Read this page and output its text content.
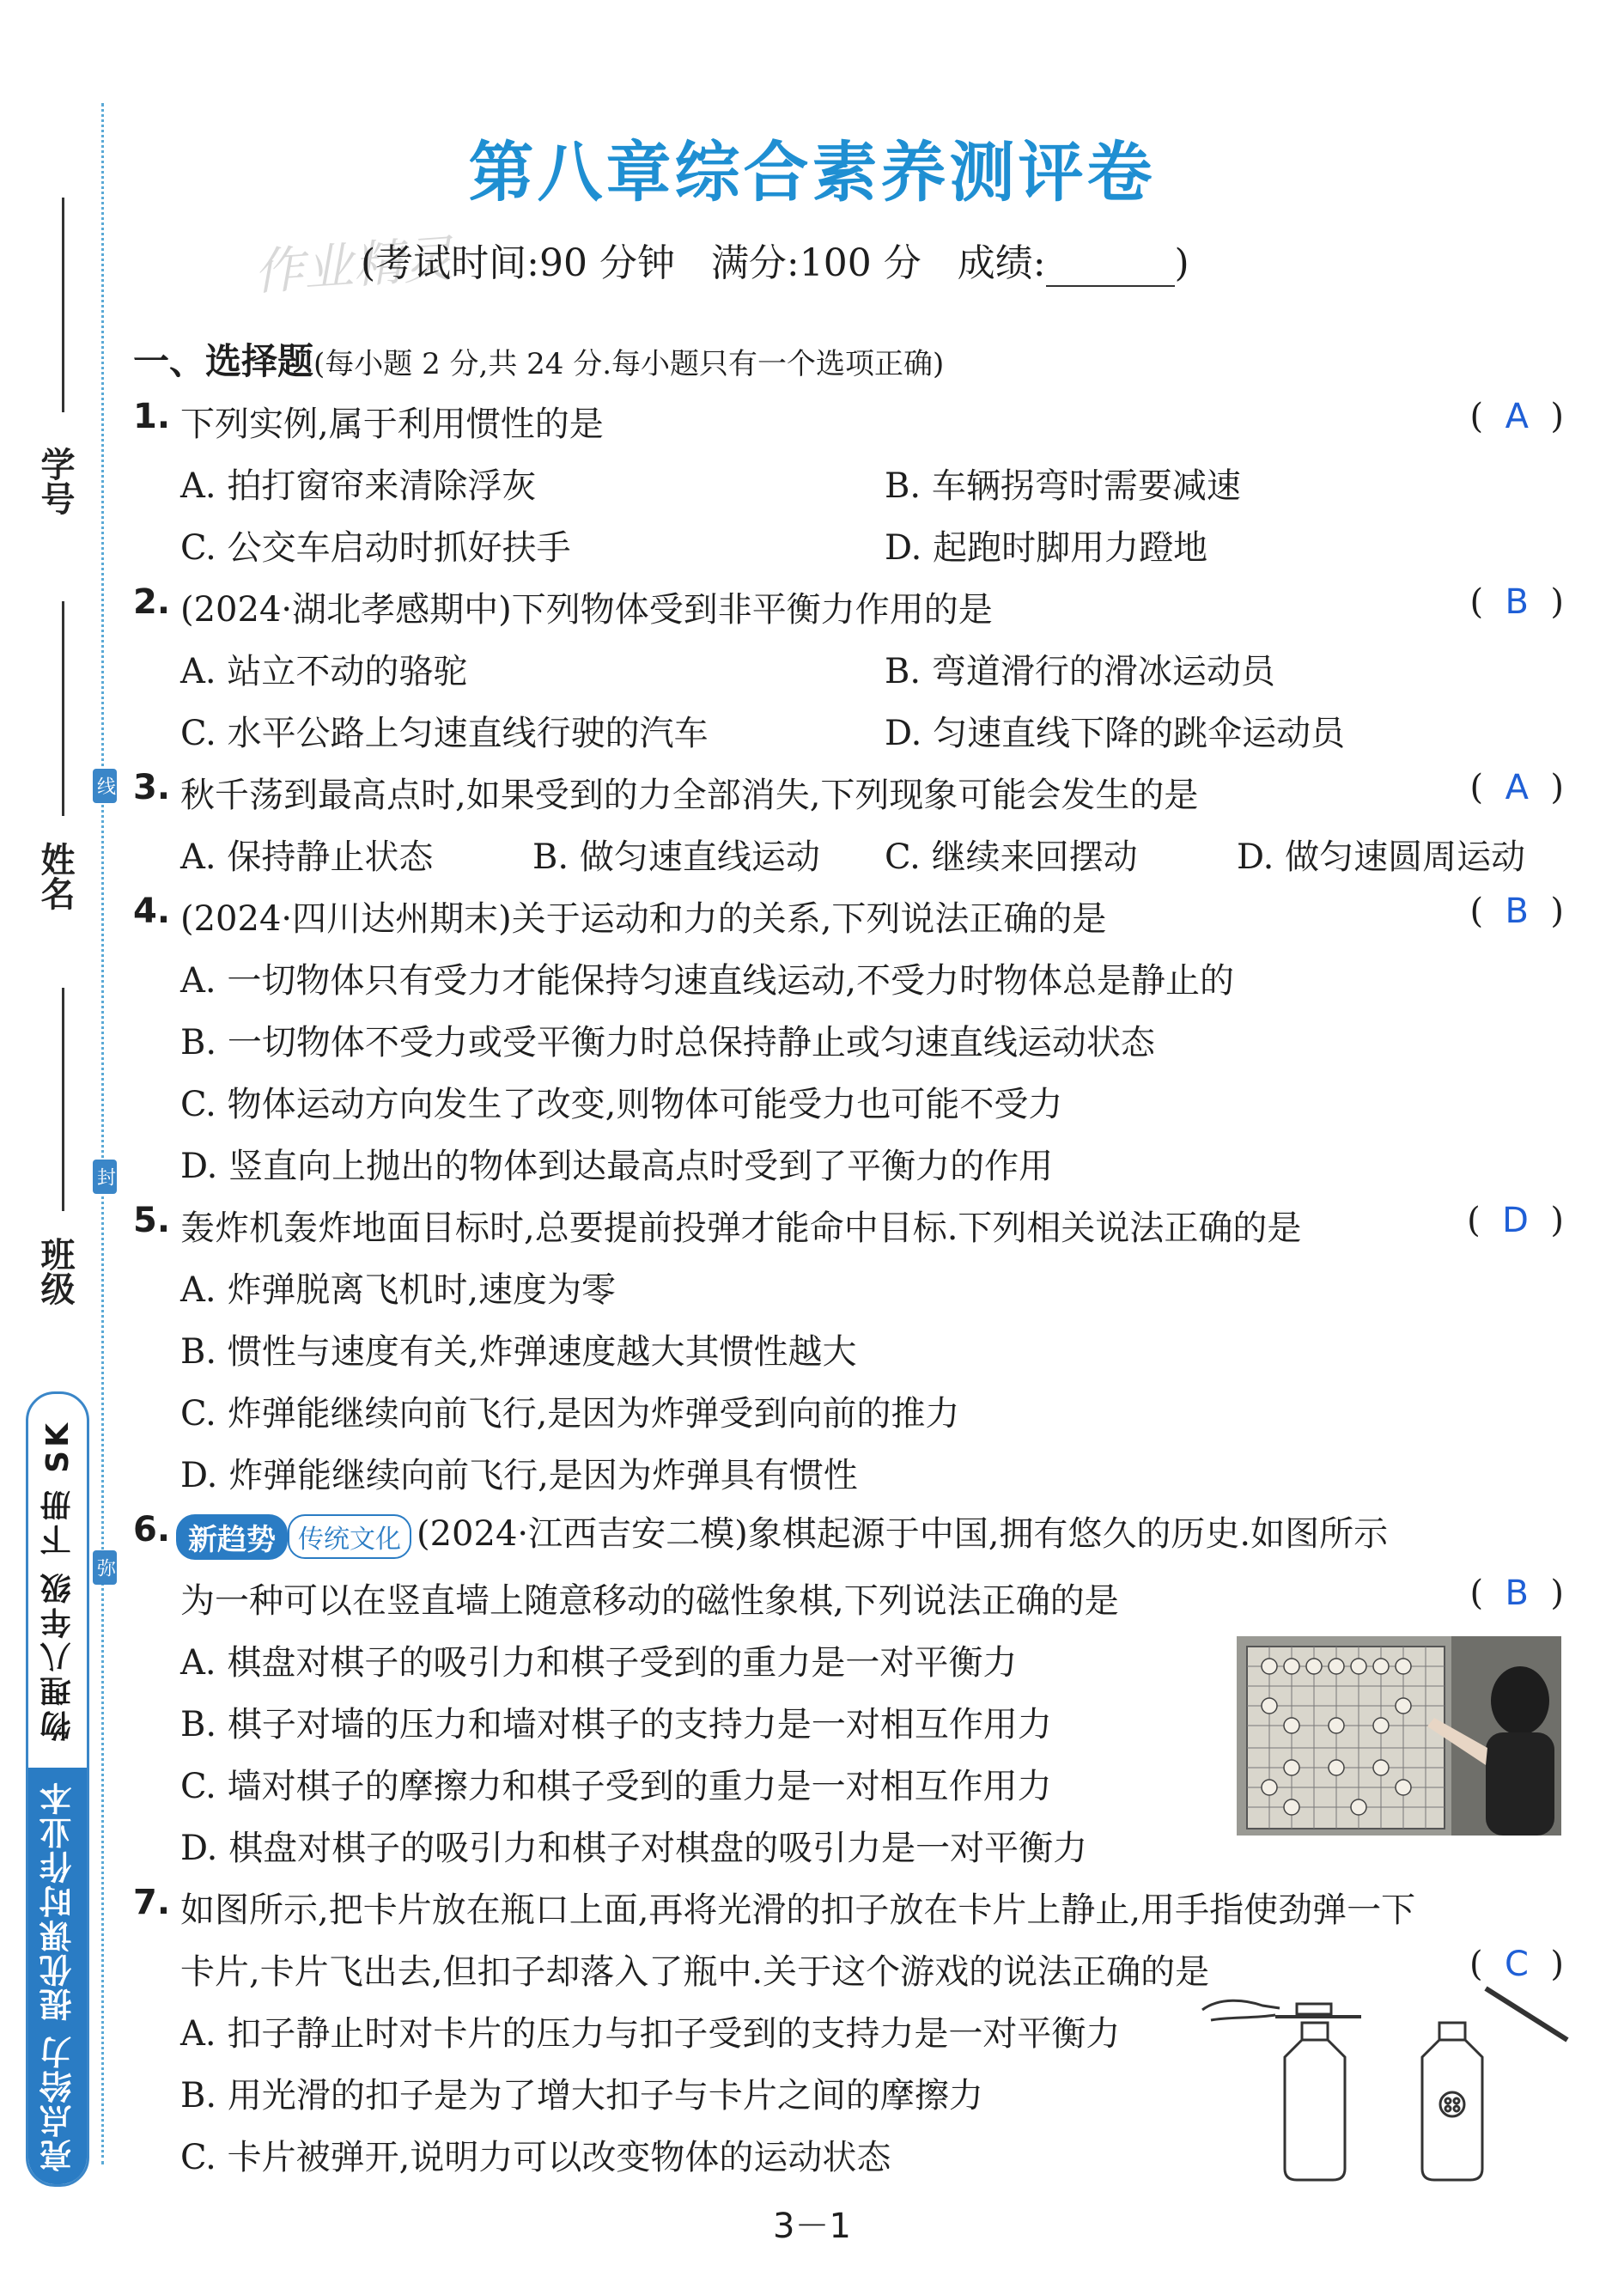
学号
姓名
班级
线
封
弥
物理八年级 下册 SK
亮点给力 提优课时作业本
第八章综合素养测评卷
作业精灵
(考试时间:90 分钟 满分:100 分 成绩:	)
一、选择题(每小题 2 分,共 24 分.每小题只有一个选项正确)
1. 下列实例,属于利用惯性的是	(  A  )
A. 拍打窗帘来清除浮灰	B. 车辆拐弯时需要减速
C. 公交车启动时抓好扶手	D. 起跑时脚用力蹬地
2. (2024·湖北孝感期中)下列物体受到非平衡力作用的是	(  B  )
A. 站立不动的骆驼	B. 弯道滑行的滑冰运动员
C. 水平公路上匀速直线行驶的汽车	D. 匀速直线下降的跳伞运动员
3. 秋千荡到最高点时,如果受到的力全部消失,下列现象可能会发生的是	(  A  )
A. 保持静止状态	B. 做匀速直线运动 C. 继续来回摆动	D. 做匀速圆周运动
4. (2024·四川达州期末)关于运动和力的关系,下列说法正确的是	(  B  )
A. 一切物体只有受力才能保持匀速直线运动,不受力时物体总是静止的
B. 一切物体不受力或受平衡力时总保持静止或匀速直线运动状态
C. 物体运动方向发生了改变,则物体可能受力也可能不受力
D. 竖直向上抛出的物体到达最高点时受到了平衡力的作用
5. 轰炸机轰炸地面目标时,总要提前投弹才能命中目标.下列相关说法正确的是	(  D  )
A. 炸弹脱离飞机时,速度为零
B. 惯性与速度有关,炸弹速度越大其惯性越大
C. 炸弹能继续向前飞行,是因为炸弹受到向前的推力
D. 炸弹能继续向前飞行,是因为炸弹具有惯性
6. 新趋势 传统文化 (2024·江西吉安二模)象棋起源于中国,拥有悠久的历史.如图所示
为一种可以在竖直墙上随意移动的磁性象棋,下列说法正确的是	(  B  )
A. 棋盘对棋子的吸引力和棋子受到的重力是一对平衡力
B. 棋子对墙的压力和墙对棋子的支持力是一对相互作用力
C. 墙对棋子的摩擦力和棋子受到的重力是一对相互作用力
D. 棋盘对棋子的吸引力和棋子对棋盘的吸引力是一对平衡力
7. 如图所示,把卡片放在瓶口上面,再将光滑的扣子放在卡片上静止,用手指使劲弹一下
卡片,卡片飞出去,但扣子却落入了瓶中.关于这个游戏的说法正确的是	(  C  )
A. 扣子静止时对卡片的压力与扣子受到的支持力是一对平衡力
B. 用光滑的扣子是为了增大扣子与卡片之间的摩擦力
C. 卡片被弹开,说明力可以改变物体的运动状态
3－1
